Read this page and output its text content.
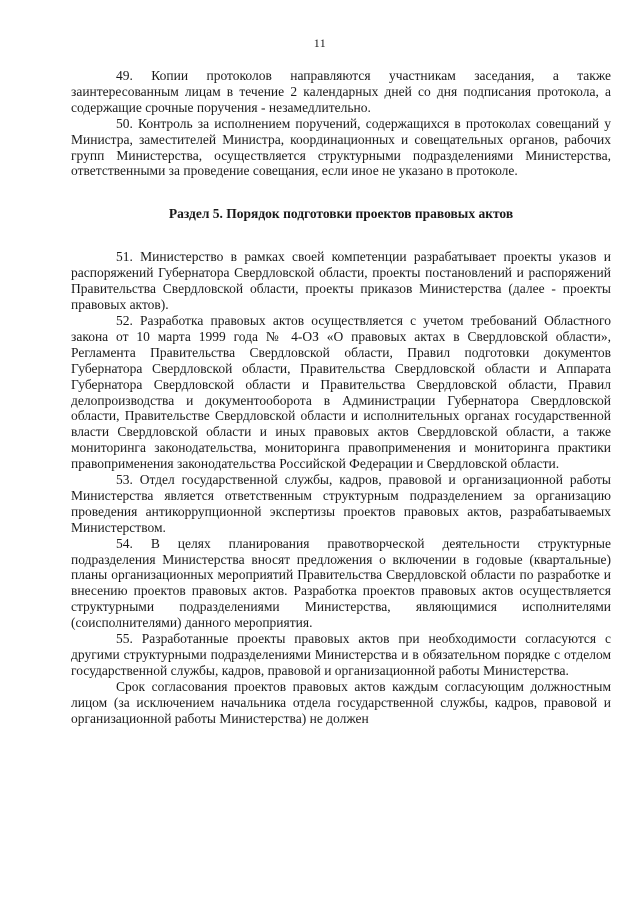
11

49. Копии протоколов направляются участникам заседания, а также заинтересованным лицам в течение 2 календарных дней со дня подписания протокола, а содержащие срочные поручения - незамедлительно.

50. Контроль за исполнением поручений, содержащихся в протоколах совещаний у Министра, заместителей Министра, координационных и совещательных органов, рабочих групп Министерства, осуществляется структурными подразделениями Министерства, ответственными за проведение совещания, если иное не указано в протоколе.

Раздел 5. Порядок подготовки проектов правовых актов

51. Министерство в рамках своей компетенции разрабатывает проекты указов и распоряжений Губернатора Свердловской области, проекты постановлений и распоряжений Правительства Свердловской области, проекты приказов Министерства (далее - проекты правовых актов).

52. Разработка правовых актов осуществляется с учетом требований Областного закона от 10 марта 1999 года № 4-ОЗ «О правовых актах в Свердловской области», Регламента Правительства Свердловской области, Правил подготовки документов Губернатора Свердловской области, Правительства Свердловской области и Аппарата Губернатора Свердловской области и Правительства Свердловской области, Правил делопроизводства и документооборота в Администрации Губернатора Свердловской области, Правительстве Свердловской области и исполнительных органах государственной власти Свердловской области и иных правовых актов Свердловской области, а также мониторинга законодательства, мониторинга правоприменения и мониторинга практики правоприменения законодательства Российской Федерации и Свердловской области.

53. Отдел государственной службы, кадров, правовой и организационной работы Министерства является ответственным структурным подразделением за организацию проведения антикоррупционной экспертизы проектов правовых актов, разрабатываемых Министерством.

54. В целях планирования правотворческой деятельности структурные подразделения Министерства вносят предложения о включении в годовые (квартальные) планы организационных мероприятий Правительства Свердловской области по разработке и внесению проектов правовых актов. Разработка проектов правовых актов осуществляется структурными подразделениями Министерства, являющимися исполнителями (соисполнителями) данного мероприятия.

55. Разработанные проекты правовых актов при необходимости согласуются с другими структурными подразделениями Министерства и в обязательном порядке с отделом государственной службы, кадров, правовой и организационной работы Министерства.

Срок согласования проектов правовых актов каждым согласующим должностным лицом (за исключением начальника отдела государственной службы, кадров, правовой и организационной работы Министерства) не должен
